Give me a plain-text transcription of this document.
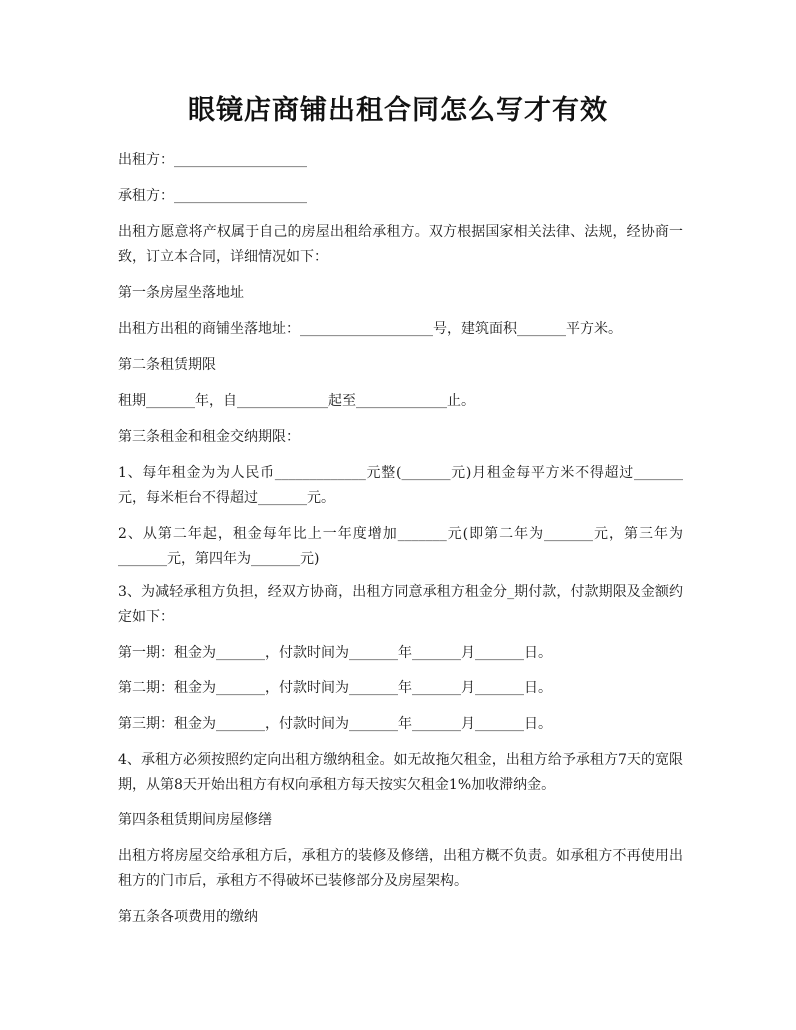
眼镜店商铺出租合同怎么写才有效
出租方：___________________
承租方：___________________
出租方愿意将产权属于自己的房屋出租给承租方。双方根据国家相关法律、法规，经协商一致，订立本合同，详细情况如下：
第一条房屋坐落地址
出租方出租的商铺坐落地址：___________________号，建筑面积_______平方米。
第二条租赁期限
租期_______年，自_____________起至_____________止。
第三条租金和租金交纳期限：
1、每年租金为为人民币_____________元整(_______元)月租金每平方米不得超过_______元，每米柜台不得超过_______元。
2、从第二年起，租金每年比上一年度增加_______元(即第二年为_______元，第三年为_______元，第四年为_______元)
3、为减轻承租方负担，经双方协商，出租方同意承租方租金分_期付款，付款期限及金额约定如下：
第一期：租金为_______，付款时间为_______年_______月_______日。
第二期：租金为_______，付款时间为_______年_______月_______日。
第三期：租金为_______，付款时间为_______年_______月_______日。
4、承租方必须按照约定向出租方缴纳租金。如无故拖欠租金，出租方给予承租方7天的宽限期，从第8天开始出租方有权向承租方每天按实欠租金1%加收滞纳金。
第四条租赁期间房屋修缮
出租方将房屋交给承租方后，承租方的装修及修缮，出租方概不负责。如承租方不再使用出租方的门市后，承租方不得破坏已装修部分及房屋架构。
第五条各项费用的缴纳
